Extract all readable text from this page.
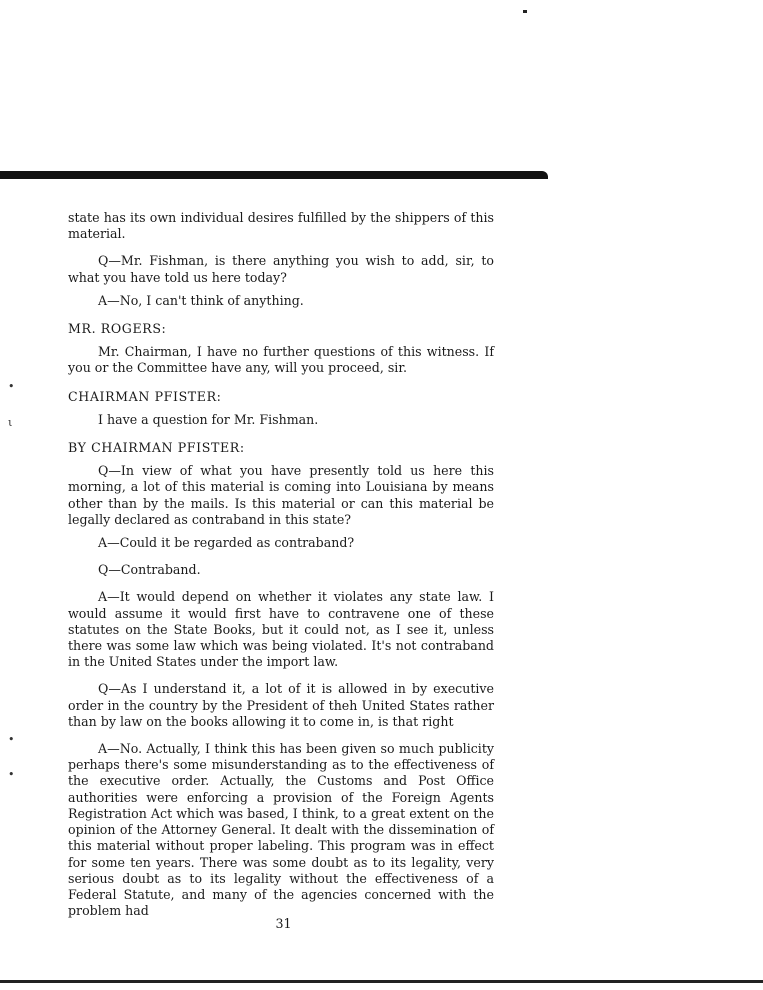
•
ι
•
•

state has its own individual desires fulfilled by the shippers of this material.

Q—Mr. Fishman, is there anything you wish to add, sir, to what you have told us here today?

A—No, I can't think of anything.

MR. ROGERS:

Mr. Chairman, I have no further questions of this witness. If you or the Committee have any, will you proceed, sir.

CHAIRMAN PFISTER:

I have a question for Mr. Fishman.

BY CHAIRMAN PFISTER:

Q—In view of what you have presently told us here this morning, a lot of this material is coming into Louisiana by means other than by the mails. Is this material or can this material be legally declared as contraband in this state?

A—Could it be regarded as contraband?

Q—Contraband.

A—It would depend on whether it violates any state law. I would assume it would first have to contravene one of these statutes on the State Books, but it could not, as I see it, unless there was some law which was being violated. It's not contraband in the United States under the import law.

Q—As I understand it, a lot of it is allowed in by executive order in the country by the President of theh United States rather than by law on the books allowing it to come in, is that right

A—No. Actually, I think this has been given so much publicity perhaps there's some misunderstanding as to the effectiveness of the executive order. Actually, the Customs and Post Office authorities were enforcing a provision of the Foreign Agents Registration Act which was based, I think, to a great extent on the opinion of the Attorney General. It dealt with the dissemination of this material without proper labeling. This program was in effect for some ten years. There was some doubt as to its legality, very serious doubt as to its legality without the effectiveness of a Federal Statute, and many of the agencies concerned with the problem had

31
